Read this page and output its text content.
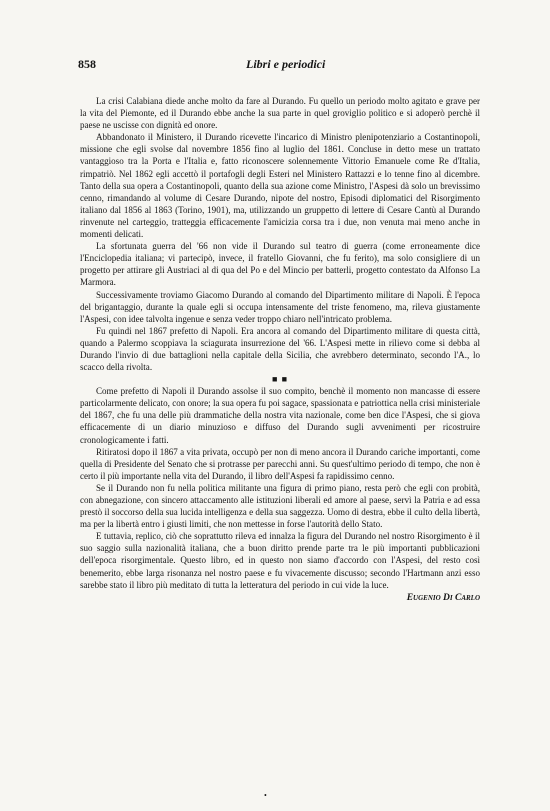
858	Libri e periodici

La crisi Calabiana diede anche molto da fare al Durando. Fu quello un periodo molto agitato e grave per la vita del Piemonte, ed il Durando ebbe anche la sua parte in quel groviglio politico e si adoperò perchè il paese ne uscisse con dignità ed onore.

Abbandonato il Ministero, il Durando ricevette l'incarico di Ministro plenipotenziario a Costantinopoli, missione che egli svolse dal novembre 1856 fino al luglio del 1861. Concluse in detto mese un trattato vantaggioso tra la Porta e l'Italia e, fatto riconoscere solennemente Vittorio Emanuele come Re d'Italia, rimpatriò. Nel 1862 egli accettò il portafogli degli Esteri nel Ministero Rattazzi e lo tenne fino al dicembre. Tanto della sua opera a Costantinopoli, quanto della sua azione come Ministro, l'Aspesi dà solo un brevissimo cenno, rimandando al volume di Cesare Durando, nipote del nostro, Episodi diplomatici del Risorgimento italiano dal 1856 al 1863 (Torino, 1901), ma, utilizzando un gruppetto di lettere di Cesare Cantù al Durando rinvenute nel carteggio, tratteggia efficacemente l'amicizia corsa tra i due, non venuta mai meno anche in momenti delicati.

La sfortunata guerra del '66 non vide il Durando sul teatro di guerra (come erroneamente dice l'Enciclopedia italiana; vi partecipò, invece, il fratello Giovanni, che fu ferito), ma solo consigliere di un progetto per attirare gli Austriaci al di qua del Po e del Mincio per batterli, progetto contestato da Alfonso La Marmora.

Successivamente troviamo Giacomo Durando al comando del Dipartimento militare di Napoli. È l'epoca del brigantaggio, durante la quale egli si occupa intensamente del triste fenomeno, ma, rileva giustamente l'Aspesi, con idee talvolta ingenue e senza veder troppo chiaro nell'intricato problema.

Fu quindi nel 1867 prefetto di Napoli. Era ancora al comando del Dipartimento militare di questa città, quando a Palermo scoppiava la sciagurata insurrezione del '66. L'Aspesi mette in rilievo come si debba al Durando l'invio di due battaglioni nella capitale della Sicilia, che avrebbero determinato, secondo l'A., lo scacco della rivolta.

■ ■

Come prefetto di Napoli il Durando assolse il suo compito, benchè il momento non mancasse di essere particolarmente delicato, con onore; la sua opera fu poi sagace, spassionata e patriottica nella crisi ministeriale del 1867, che fu una delle più drammatiche della nostra vita nazionale, come ben dice l'Aspesi, che si giova efficacemente di un diario minuzioso e diffuso del Durando sugli avvenimenti per ricostruire cronologicamente i fatti.

Ritiratosi dopo il 1867 a vita privata, occupò per non di meno ancora il Durando cariche importanti, come quella di Presidente del Senato che si protrasse per parecchi anni. Su quest'ultimo periodo di tempo, che non è certo il più importante nella vita del Durando, il libro dell'Aspesi fa rapidissimo cenno.

Se il Durando non fu nella politica militante una figura di primo piano, resta però che egli con probità, con abnegazione, con sincero attaccamento alle istituzioni liberali ed amore al paese, servì la Patria e ad essa prestò il soccorso della sua lucida intelligenza e della sua saggezza. Uomo di destra, ebbe il culto della libertà, ma per la libertà entro i giusti limiti, che non mettesse in forse l'autorità dello Stato.

E tuttavia, replico, ciò che soprattutto rileva ed innalza la figura del Durando nel nostro Risorgimento è il suo saggio sulla nazionalità italiana, che a buon diritto prende parte tra le più importanti pubblicazioni dell'epoca risorgimentale. Questo libro, ed in questo non siamo d'accordo con l'Aspesi, del resto così benemerito, ebbe larga risonanza nel nostro paese e fu vivacemente discusso; secondo l'Hartmann anzi esso sarebbe stato il libro più meditato di tutta la letteratura del periodo in cui vide la luce.

Eugenio Di Carlo
•
